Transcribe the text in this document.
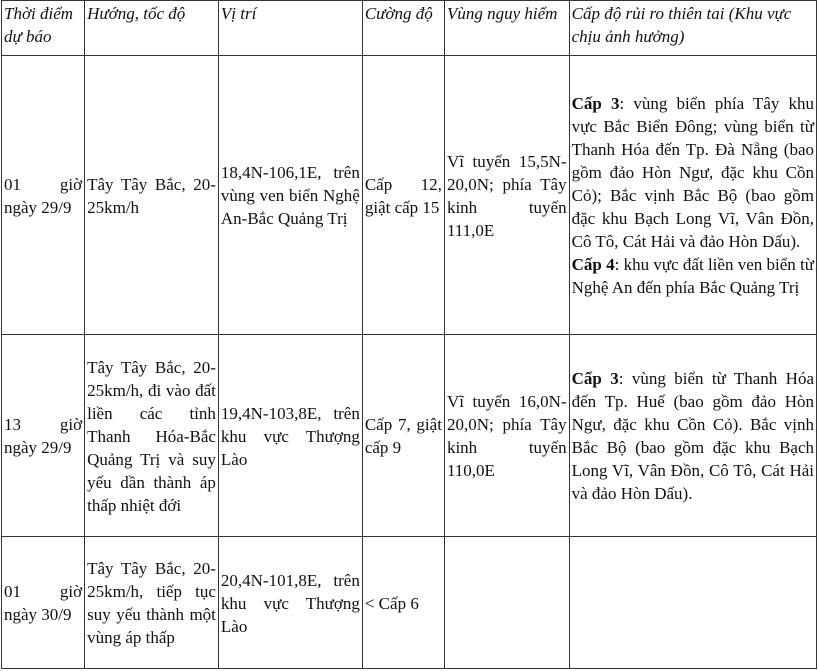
Thời điểm dự báo	Hướng, tốc độ	Vị trí	Cường độ	Vùng nguy hiểm	Cấp độ rủi ro thiên tai (Khu vực chịu ảnh hưởng)
01 giờ ngày 29/9	Tây Tây Bắc, 20-25km/h	18,4N-106,1E, trên vùng ven biển Nghệ An-Bắc Quảng Trị	Cấp 12, giật cấp 15	Vĩ tuyến 15,5N-20,0N; phía Tây kinh tuyến 111,0E	Cấp 3: vùng biển phía Tây khu vực Bắc Biển Đông; vùng biển từ Thanh Hóa đến Tp. Đà Nẵng (bao gồm đảo Hòn Ngư, đặc khu Cồn Cỏ); Bắc vịnh Bắc Bộ (bao gồm đặc khu Bạch Long Vĩ, Vân Đồn, Cô Tô, Cát Hải và đảo Hòn Dấu).
Cấp 4: khu vực đất liền ven biển từ Nghệ An đến phía Bắc Quảng Trị

13 giờ ngày 29/9	Tây Tây Bắc, 20-25km/h, đi vào đất liền các tỉnh Thanh Hóa-Bắc Quảng Trị và suy yếu dần thành áp thấp nhiệt đới	19,4N-103,8E, trên khu vực Thượng Lào	Cấp 7, giật cấp 9	Vĩ tuyến 16,0N-20,0N; phía Tây kinh tuyến 110,0E	Cấp 3: vùng biển từ Thanh Hóa đến Tp. Huế (bao gồm đảo Hòn Ngư, đặc khu Cồn Cỏ). Bắc vịnh Bắc Bộ (bao gồm đặc khu Bạch Long Vĩ, Vân Đồn, Cô Tô, Cát Hải và đảo Hòn Dấu).

01 giờ ngày 30/9	Tây Tây Bắc, 20-25km/h, tiếp tục suy yếu thành một vùng áp thấp	20,4N-101,8E, trên khu vực Thượng Lào	< Cấp 6		
